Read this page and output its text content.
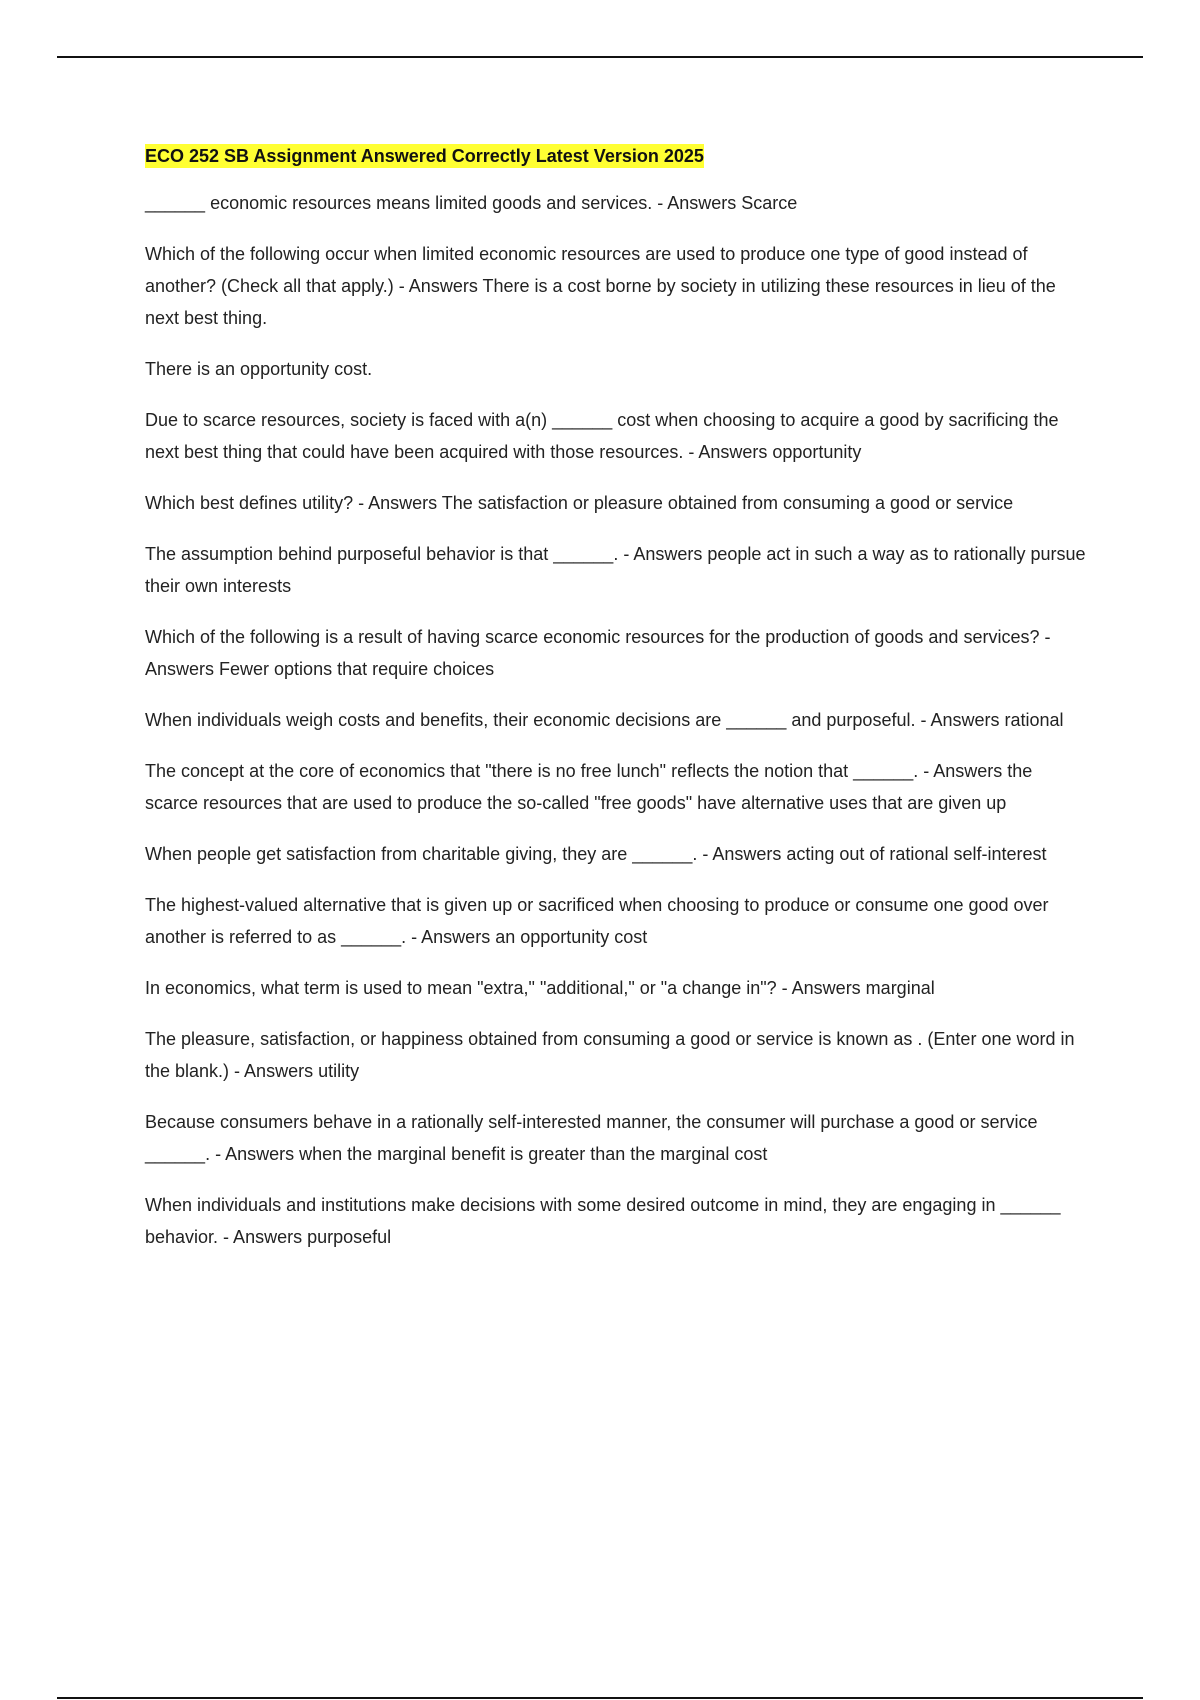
ECO 252 SB Assignment Answered Correctly Latest Version 2025

______ economic resources means limited goods and services. - Answers Scarce

Which of the following occur when limited economic resources are used to produce one type of good instead of another? (Check all that apply.) - Answers There is a cost borne by society in utilizing these resources in lieu of the next best thing.

There is an opportunity cost.

Due to scarce resources, society is faced with a(n) ______ cost when choosing to acquire a good by sacrificing the next best thing that could have been acquired with those resources. - Answers opportunity

Which best defines utility? - Answers The satisfaction or pleasure obtained from consuming a good or service

The assumption behind purposeful behavior is that ______. - Answers people act in such a way as to rationally pursue their own interests

Which of the following is a result of having scarce economic resources for the production of goods and services? - Answers Fewer options that require choices

When individuals weigh costs and benefits, their economic decisions are ______ and purposeful. - Answers rational

The concept at the core of economics that "there is no free lunch" reflects the notion that ______. - Answers the scarce resources that are used to produce the so-called "free goods" have alternative uses that are given up

When people get satisfaction from charitable giving, they are ______. - Answers acting out of rational self-interest

The highest-valued alternative that is given up or sacrificed when choosing to produce or consume one good over another is referred to as ______. - Answers an opportunity cost

In economics, what term is used to mean "extra," "additional," or "a change in"? - Answers marginal

The pleasure, satisfaction, or happiness obtained from consuming a good or service is known as . (Enter one word in the blank.) - Answers utility

Because consumers behave in a rationally self-interested manner, the consumer will purchase a good or service ______. - Answers when the marginal benefit is greater than the marginal cost

When individuals and institutions make decisions with some desired outcome in mind, they are engaging in ______ behavior. - Answers purposeful
